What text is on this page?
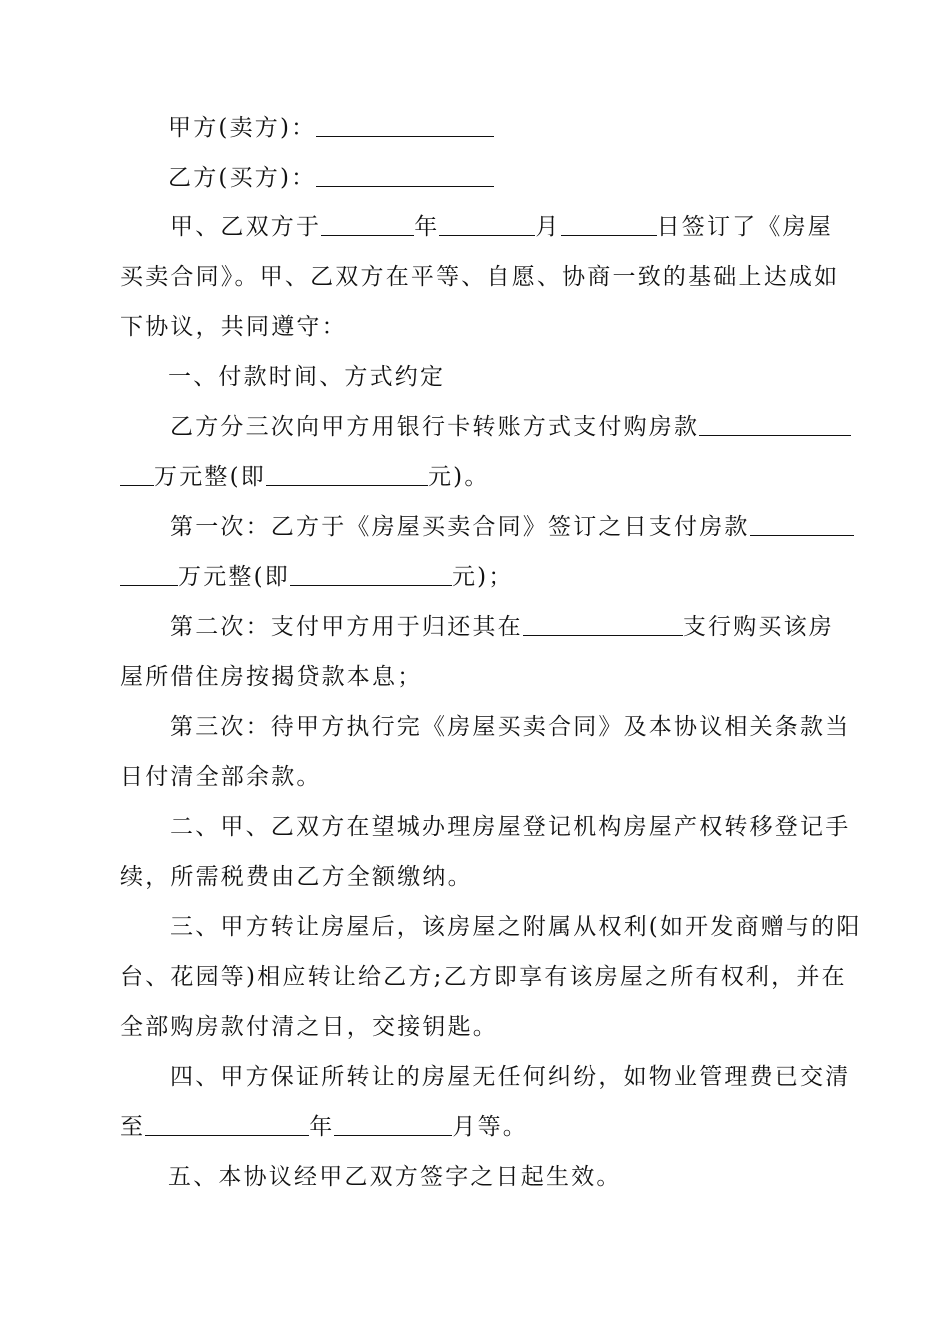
甲方(卖方)：
乙方(买方)：
甲、乙双方于	年	月	日签订了《房屋
买卖合同》。甲、乙双方在平等、自愿、协商一致的基础上达成如
下协议，共同遵守：
一、付款时间、方式约定
乙方分三次向甲方用银行卡转账方式支付购房款
万元整(即	元)。
第一次：乙方于《房屋买卖合同》签订之日支付房款
万元整(即	元)；
第二次：支付甲方用于归还其在	支行购买该房
屋所借住房按揭贷款本息；
第三次：待甲方执行完《房屋买卖合同》及本协议相关条款当
日付清全部余款。
二、甲、乙双方在望城办理房屋登记机构房屋产权转移登记手
续，所需税费由乙方全额缴纳。
三、甲方转让房屋后，该房屋之附属从权利(如开发商赠与的阳
台、花园等)相应转让给乙方;乙方即享有该房屋之所有权利，并在
全部购房款付清之日，交接钥匙。
四、甲方保证所转让的房屋无任何纠纷，如物业管理费已交清
至	年	月等。
五、本协议经甲乙双方签字之日起生效。
